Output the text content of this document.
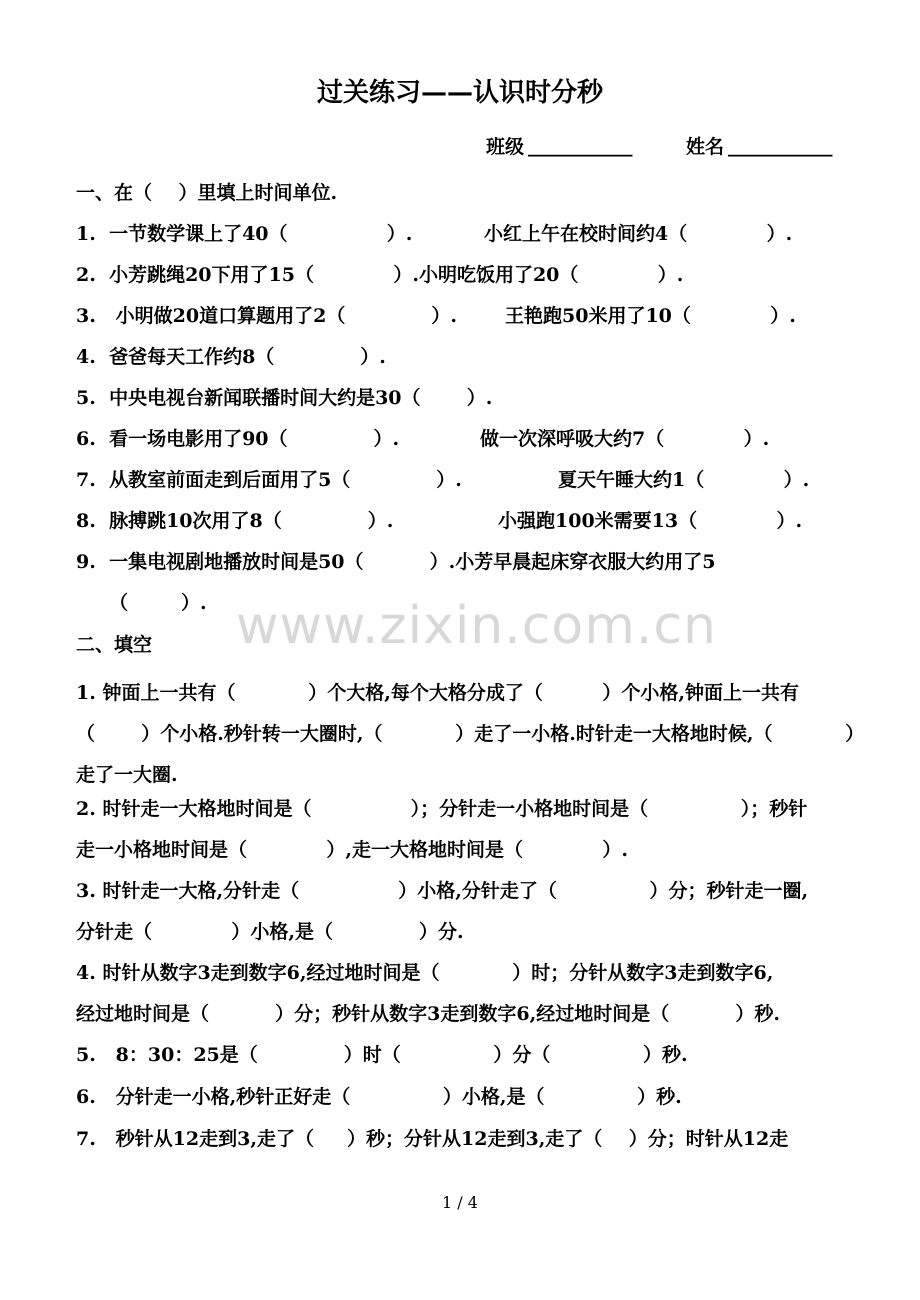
过关练习——认识时分秒
班级 ___________	姓名 ___________
一、在（    ）里填上时间单位.
1.  一节数学课上了40（               ）.	小红上午在校时间约4（            ）.
2.  小芳跳绳20下用了15（            ）.小明吃饭用了20（            ）.
3.   小明做20道口算题用了2（             ）.	王艳跑50米用了10（            ）.
4.  爸爸每天工作约8（             ）.
5.  中央电视台新闻联播时间大约是30（       ）.
6.  看一场电影用了90（             ）.	做一次深呼吸大约7（            ）.
7.  从教室前面走到后面用了5（             ）.	夏天午睡大约1（            ）.
8.  脉搏跳10次用了8（             ）.	小强跑100米需要13（            ）.
9.  一集电视剧地播放时间是50（          ）.小芳早晨起床穿衣服大约用了5
（        ）. www.zixin.com.cn
二、填空
1. 钟面上一共有（           ）个大格,每个大格分成了（         ）个小格,钟面上一共有
（       ）个小格.秒针转一大圈时,（           ）走了一小格.时针走一大格地时候,（           ）
走了一大圈.
2. 时针走一大格地时间是（               ）；分针走一小格地时间是（              ）；秒针
走一小格地时间是（            ）,走一大格地时间是（            ）.
3. 时针走一大格,分针走（               ）小格,分针走了（              ）分；秒针走一圈,
分针走（            ）小格,是（             ）分.
4. 时针从数字3走到数字6,经过地时间是（           ）时；分针从数字3走到数字6,
经过地时间是（          ）分；秒针从数字3走到数字6,经过地时间是（          ）秒.
5.   8：30：25是（             ）时（              ）分（              ）秒.
6.   分针走一小格,秒针正好走（              ）小格,是（              ）秒.
7.   秒针从12走到3,走了（     ）秒；分针从12走到3,走了（    ）分；时针从12走
1 / 4
